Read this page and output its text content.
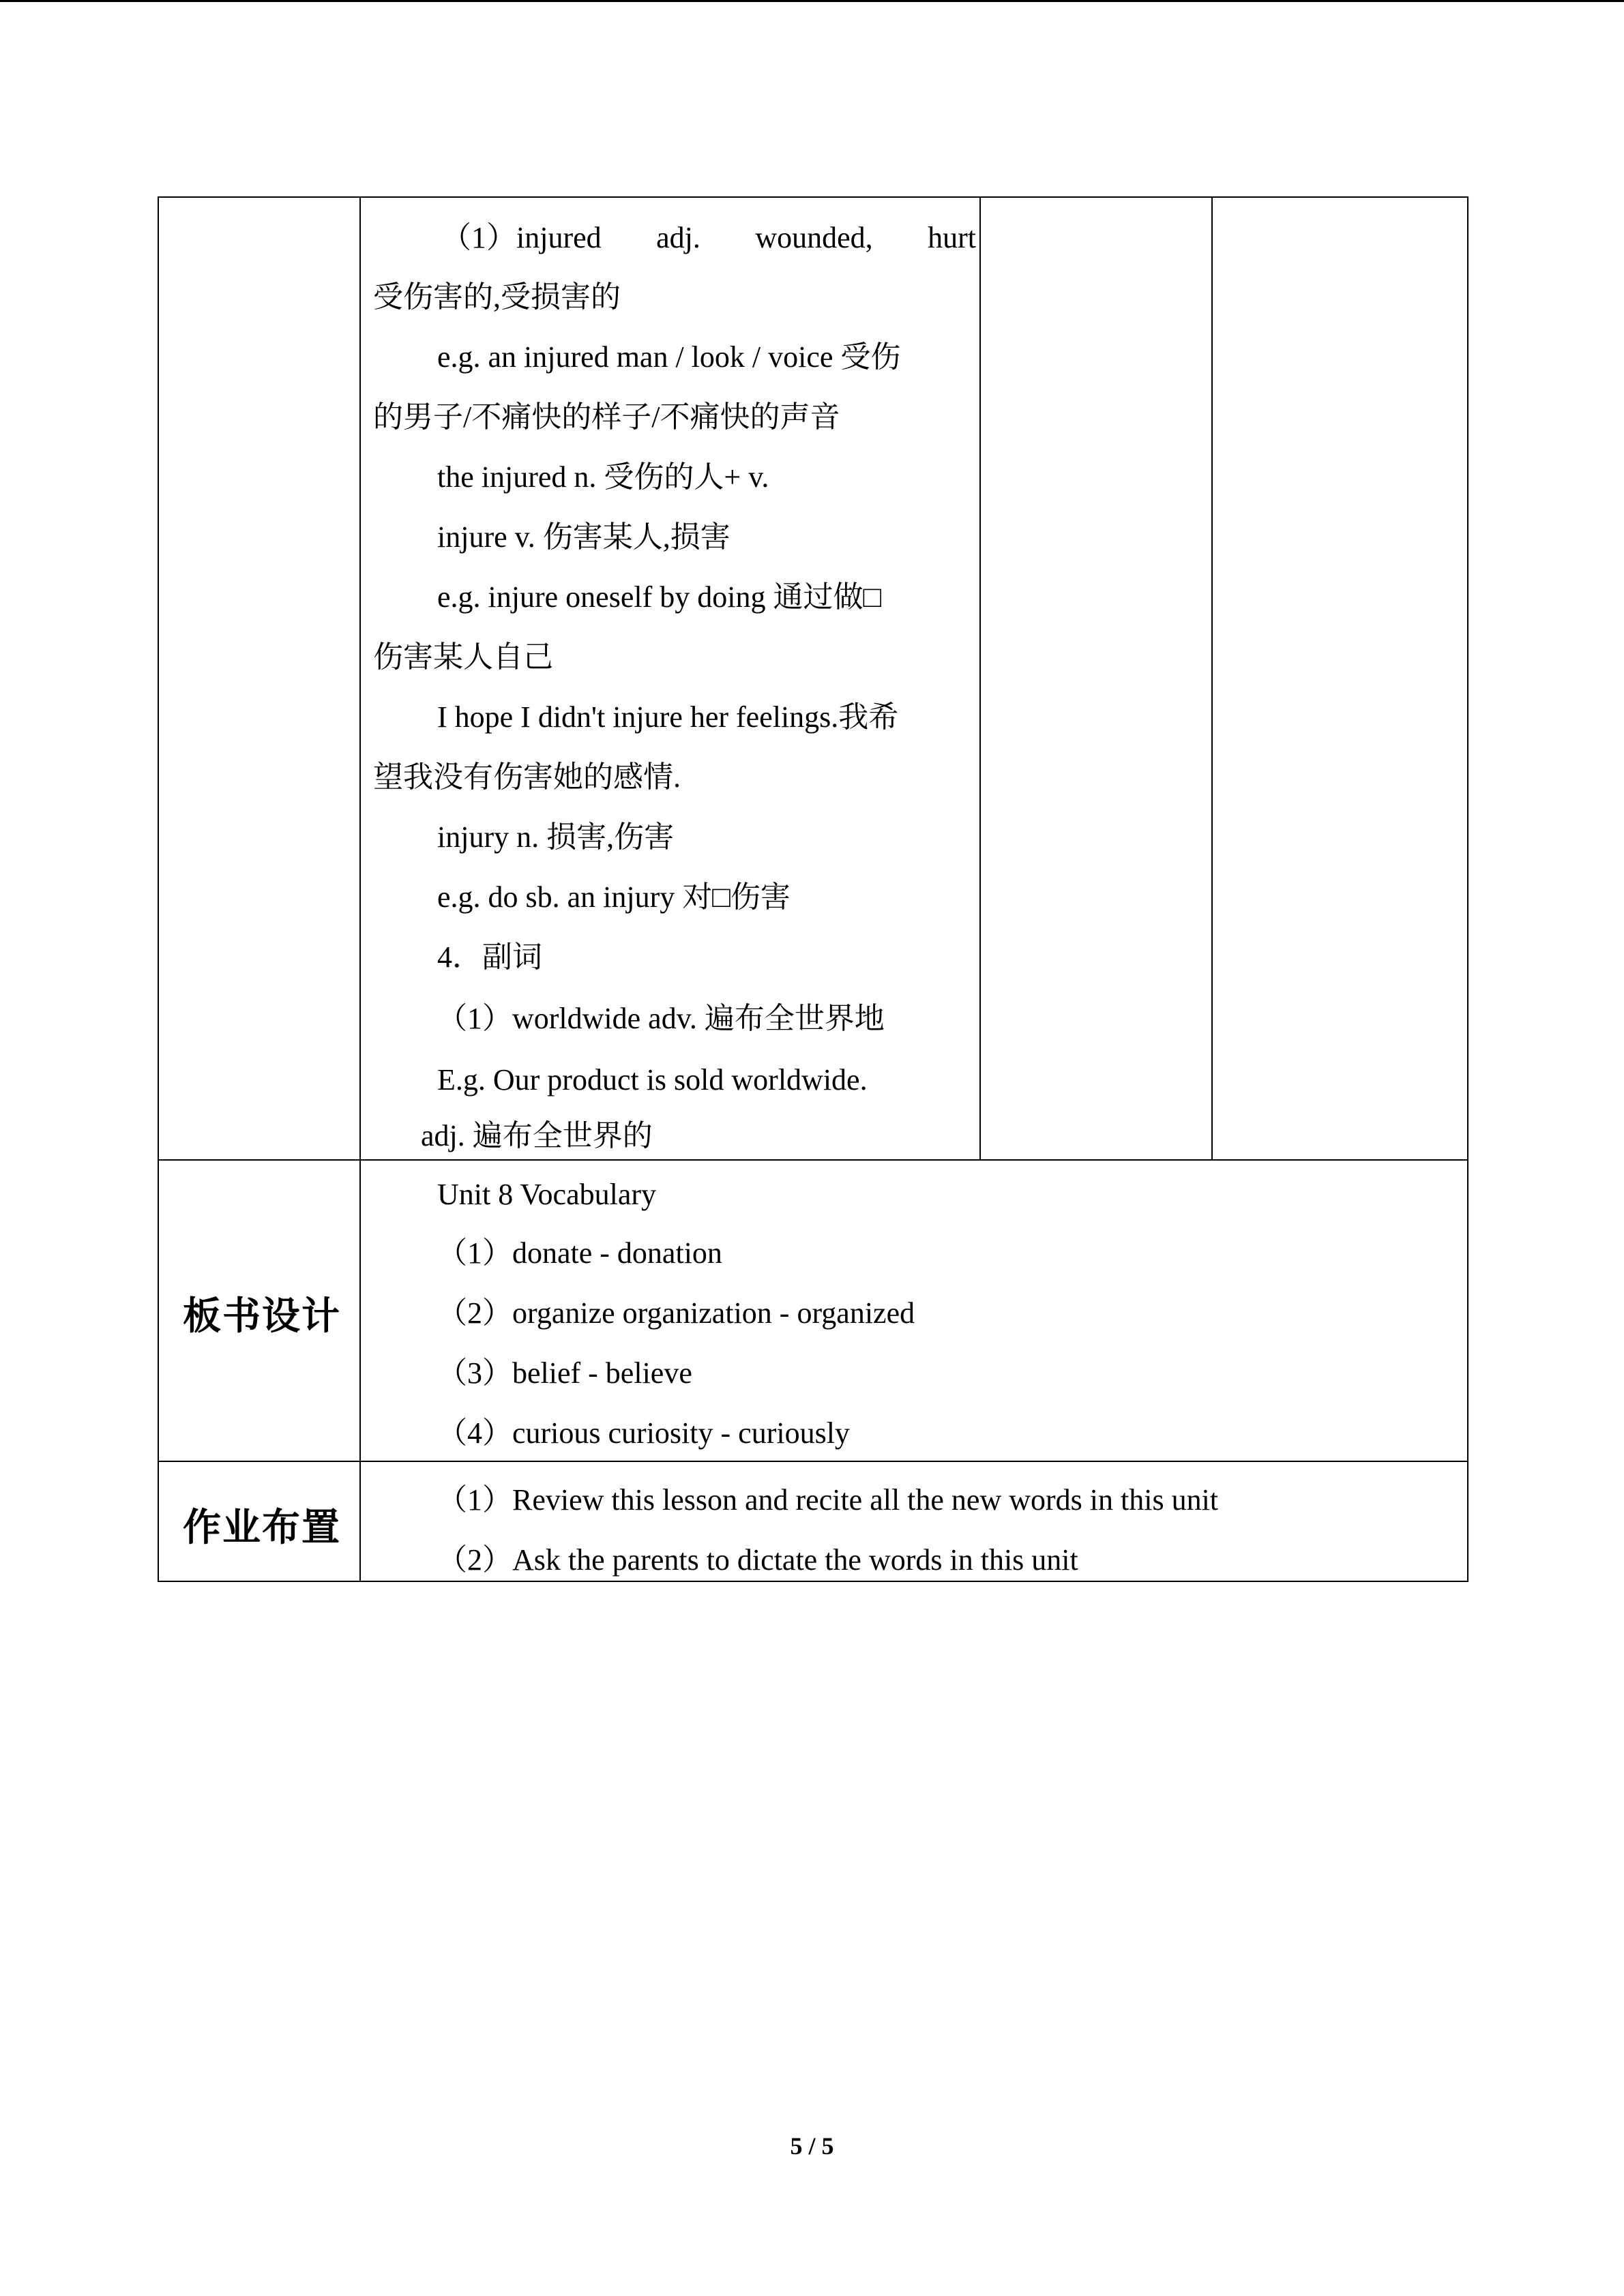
（1）injured adj. wounded, hurt
受伤害的,受损害的
e.g. an injured man / look / voice 受伤
的男子/不痛快的样子/不痛快的声音
the injured n. 受伤的人+ v.
injure v. 伤害某人,损害
e.g. injure oneself by doing 通过做□
伤害某人自己
I hope I didn't injure her feelings.我希
望我没有伤害她的感情.
injury n. 损害,伤害
e.g. do sb. an injury 对□伤害
4．副词
（1）worldwide adv. 遍布全世界地
E.g. Our product is sold worldwide.
adj. 遍布全世界的
板书设计
Unit 8 Vocabulary
（1）donate - donation
（2）organize organization - organized
（3）belief - believe
（4）curious curiosity - curiously
作业布置
（1）Review this lesson and recite all the new words in this unit
（2）Ask the parents to dictate the words in this unit
5 / 5
